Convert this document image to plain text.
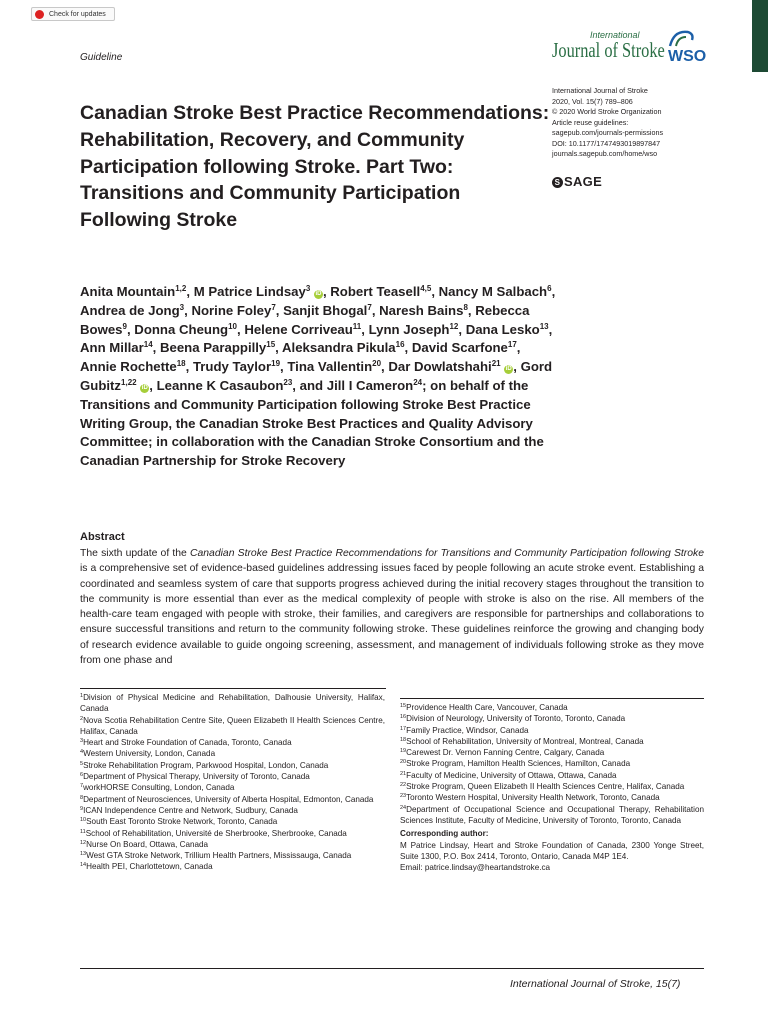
Check for updates
Guideline
International
Journal of Stroke WSO
International Journal of Stroke
2020, Vol. 15(7) 789–806
© 2020 World Stroke Organization
Article reuse guidelines:
sagepub.com/journals-permissions
DOI: 10.1177/1747493019897847
journals.sagepub.com/home/wso
S SAGE
Canadian Stroke Best Practice Recommendations: Rehabilitation, Recovery, and Community Participation following Stroke. Part Two: Transitions and Community Participation Following Stroke
Anita Mountain$^{1,2}$, M Patrice Lindsay$^3$ iD , Robert Teasell$^{4,5}$, Nancy M Salbach$^6$, Andrea de Jong$^3$, Norine Foley$^7$, Sanjit Bhogal$^7$, Naresh Bains$^8$, Rebecca Bowes$^9$, Donna Cheung$^{10}$, Helene Corriveau$^{11}$, Lynn Joseph$^{12}$, Dana Lesko$^{13}$, Ann Millar$^{14}$, Beena Parappilly$^{15}$, Aleksandra Pikula$^{16}$, David Scarfone$^{17}$, Annie Rochette$^{18}$, Trudy Taylor$^{19}$, Tina Vallentin$^{20}$, Dar Dowlatshahi$^{21}$ iD , Gord Gubitz$^{1,22}$ iD , Leanne K Casaubon$^{23}$, and Jill I Cameron$^{24}$; on behalf of the Transitions and Community Participation following Stroke Best Practice Writing Group, the Canadian Stroke Best Practices and Quality Advisory Committee; in collaboration with the Canadian Stroke Consortium and the Canadian Partnership for Stroke Recovery
Abstract
The sixth update of the Canadian Stroke Best Practice Recommendations for Transitions and Community Participation following Stroke is a comprehensive set of evidence-based guidelines addressing issues faced by people following an acute stroke event. Establishing a coordinated and seamless system of care that supports progress achieved during the initial recovery stages throughout the transition to the community is more essential than ever as the medical complexity of people with stroke is also on the rise. All members of the health-care team engaged with people with stroke, their families, and caregivers are responsible for partnerships and collaborations to ensure successful transitions and return to the community following stroke. These guidelines reinforce the growing and changing body of research evidence available to guide ongoing screening, assessment, and management of individuals following stroke as they move from one phase and
$^1$Division of Physical Medicine and Rehabilitation, Dalhousie University, Halifax, Canada
$^2$Nova Scotia Rehabilitation Centre Site, Queen Elizabeth II Health Sciences Centre, Halifax, Canada
$^3$Heart and Stroke Foundation of Canada, Toronto, Canada
$^4$Western University, London, Canada
$^5$Stroke Rehabilitation Program, Parkwood Hospital, London, Canada
$^6$Department of Physical Therapy, University of Toronto, Canada
$^7$workHORSE Consulting, London, Canada
$^8$Department of Neurosciences, University of Alberta Hospital, Edmonton, Canada
$^9$ICAN Independence Centre and Network, Sudbury, Canada
$^{10}$South East Toronto Stroke Network, Toronto, Canada
$^{11}$School of Rehabilitation, Université de Sherbrooke, Sherbrooke, Canada
$^{12}$Nurse On Board, Ottawa, Canada
$^{13}$West GTA Stroke Network, Trillium Health Partners, Mississauga, Canada
$^{14}$Health PEI, Charlottetown, Canada
$^{15}$Providence Health Care, Vancouver, Canada
$^{16}$Division of Neurology, University of Toronto, Toronto, Canada
$^{17}$Family Practice, Windsor, Canada
$^{18}$School of Rehabilitation, University of Montreal, Montreal, Canada
$^{19}$Carewest Dr. Vernon Fanning Centre, Calgary, Canada
$^{20}$Stroke Program, Hamilton Health Sciences, Hamilton, Canada
$^{21}$Faculty of Medicine, University of Ottawa, Ottawa, Canada
$^{22}$Stroke Program, Queen Elizabeth II Health Sciences Centre, Halifax, Canada
$^{23}$Toronto Western Hospital, University Health Network, Toronto, Canada
$^{24}$Department of Occupational Science and Occupational Therapy, Rehabilitation Sciences Institute, Faculty of Medicine, University of Toronto, Toronto, Canada
Corresponding author:
M Patrice Lindsay, Heart and Stroke Foundation of Canada, 2300 Yonge Street, Suite 1300, P.O. Box 2414, Toronto, Ontario, Canada M4P 1E4.
Email: patrice.lindsay@heartandstroke.ca
International Journal of Stroke, 15(7)
